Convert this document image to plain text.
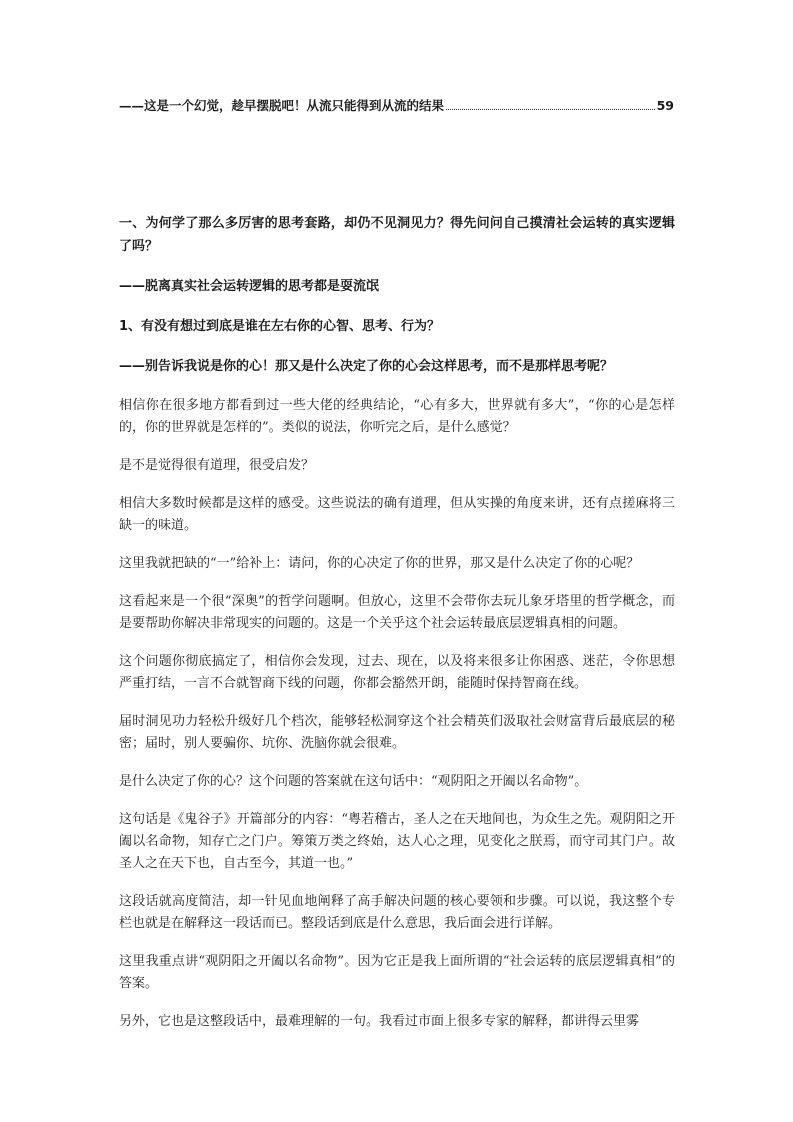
——这是一个幻觉，趁早摆脱吧！从流只能得到从流的结果	59
一、为何学了那么多厉害的思考套路，却仍不见洞见力？得先问问自己摸清社会运转的真实逻辑了吗？
——脱离真实社会运转逻辑的思考都是耍流氓
1、有没有想过到底是谁在左右你的心智、思考、行为？
——别告诉我说是你的心！那又是什么决定了你的心会这样思考，而不是那样思考呢？

相信你在很多地方都看到过一些大佬的经典结论，“心有多大，世界就有多大”，“你的心是怎样的，你的世界就是怎样的”。类似的说法，你听完之后，是什么感觉？

是不是觉得很有道理，很受启发？

相信大多数时候都是这样的感受。这些说法的确有道理，但从实操的角度来讲，还有点搓麻将三缺一的味道。

这里我就把缺的“一”给补上：请问，你的心决定了你的世界，那又是什么决定了你的心呢？

这看起来是一个很“深奥”的哲学问题啊。但放心，这里不会带你去玩儿象牙塔里的哲学概念，而是要帮助你解决非常现实的问题的。这是一个关乎这个社会运转最底层逻辑真相的问题。

这个问题你彻底搞定了，相信你会发现，过去、现在，以及将来很多让你困惑、迷茫，令你思想严重打结，一言不合就智商下线的问题，你都会豁然开朗，能随时保持智商在线。

届时洞见功力轻松升级好几个档次，能够轻松洞穿这个社会精英们汲取社会财富背后最底层的秘密；届时，别人要骗你、坑你、洗脑你就会很难。

是什么决定了你的心？这个问题的答案就在这句话中：“观阴阳之开阖以名命物”。

这句话是《鬼谷子》开篇部分的内容：“粤若稽古，圣人之在天地间也，为众生之先。观阴阳之开阖以名命物，知存亡之门户。筹策万类之终始，达人心之理，见变化之朕焉，而守司其门户。故圣人之在天下也，自古至今，其道一也。”

这段话就高度简洁，却一针见血地阐释了高手解决问题的核心要领和步骤。可以说，我这整个专栏也就是在解释这一段话而已。整段话到底是什么意思，我后面会进行详解。

这里我重点讲“观阴阳之开阖以名命物”。因为它正是我上面所谓的“社会运转的底层逻辑真相”的答案。

另外，它也是这整段话中，最难理解的一句。我看过市面上很多专家的解释，都讲得云里雾
